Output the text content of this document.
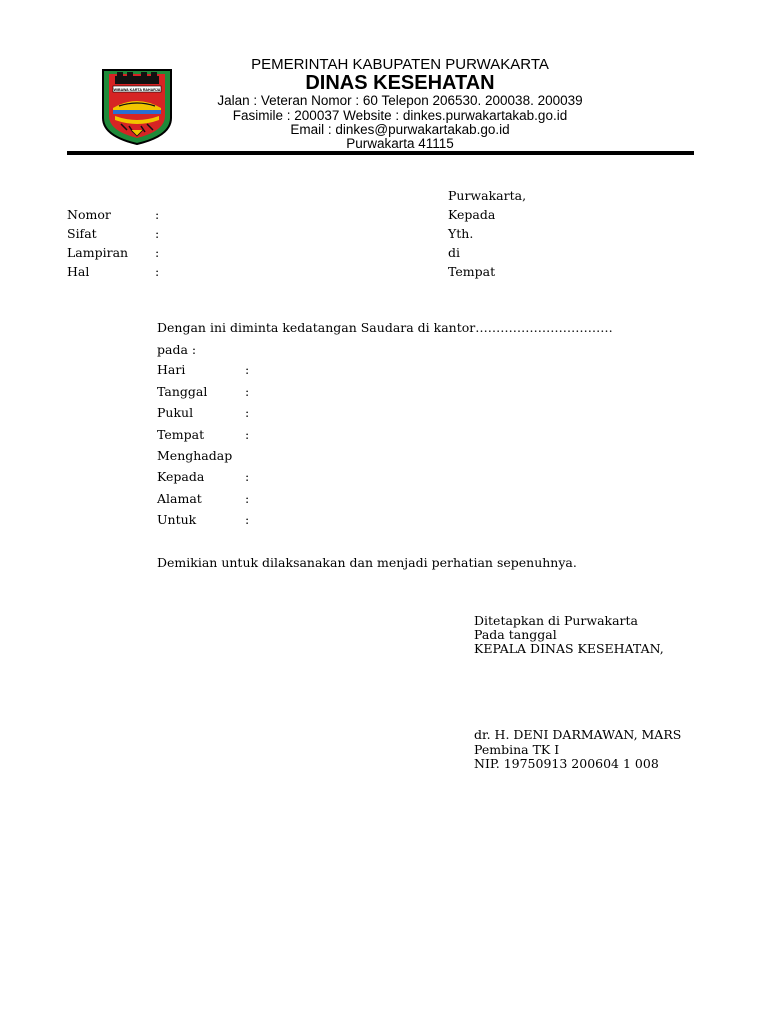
WIBAWA KARTA RAHARJA
PEMERINTAH KABUPATEN PURWAKARTA
DINAS KESEHATAN
Jalan : Veteran Nomor : 60 Telepon 206530. 200038. 200039
Fasimile : 200037 Website : dinkes.purwakartakab.go.id
Email : dinkes@purwakartakab.go.id
Purwakarta 41115
Nomor	:
Sifat	:
Lampiran :
Hal	:
Purwakarta,
Kepada
Yth.
di
Tempat
Dengan ini diminta kedatangan Saudara di kantor……………………………
pada :
Hari	:
Tanggal	:
Pukul	:
Tempat	:
Menghadap
Kepada	:
Alamat	:
Untuk	:
Demikian untuk dilaksanakan dan menjadi perhatian sepenuhnya.
Ditetapkan di Purwakarta
Pada tanggal
KEPALA DINAS KESEHATAN,
dr. H. DENI DARMAWAN, MARS
Pembina TK I
NIP. 19750913 200604 1 008
